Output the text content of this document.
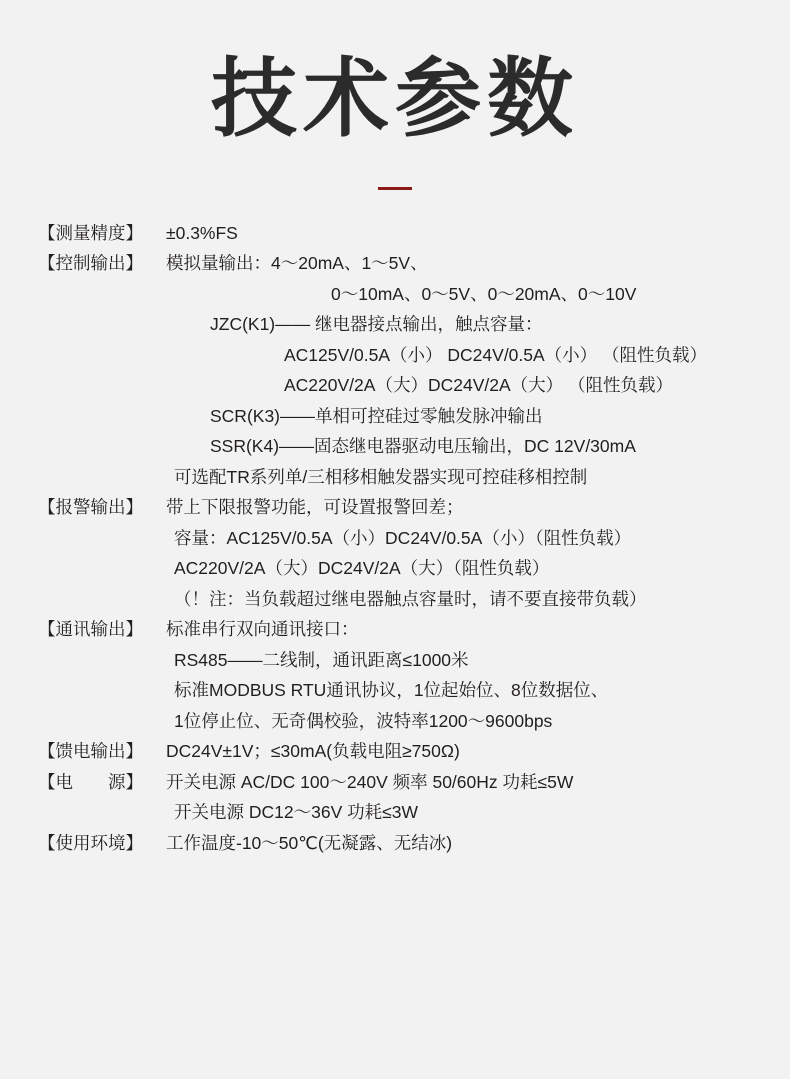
技术参数
【测量精度】	±0.3%FS
【控制输出】	模拟量输出：4～20mA、1～5V、
0～10mA、0～5V、0～20mA、0～10V
JZC(K1)—— 继电器接点输出，触点容量：
AC125V/0.5A（小） DC24V/0.5A（小） （阻性负载）
AC220V/2A（大）DC24V/2A（大） （阻性负载）
SCR(K3)——单相可控硅过零触发脉冲输出
SSR(K4)——固态继电器驱动电压输出，DC 12V/30mA
可选配TR系列单/三相移相触发器实现可控硅移相控制
【报警输出】	带上下限报警功能，可设置报警回差；
容量：AC125V/0.5A（小）DC24V/0.5A（小）（阻性负载）
AC220V/2A（大）DC24V/2A（大）（阻性负载）
（！注：当负载超过继电器触点容量时，请不要直接带负载）
【通讯输出】	标准串行双向通讯接口：
RS485——二线制，通讯距离≤1000米
标准MODBUS RTU通讯协议，1位起始位、8位数据位、
1位停止位、无奇偶校验，波特率1200～9600bps
【馈电输出】	DC24V±1V；≤30mA(负载电阻≥750Ω)
【电　　源】	开关电源 AC/DC 100～240V 频率 50/60Hz 功耗≤5W
开关电源 DC12～36V 功耗≤3W
【使用环境】	工作温度-10～50℃(无凝露、无结冰)
